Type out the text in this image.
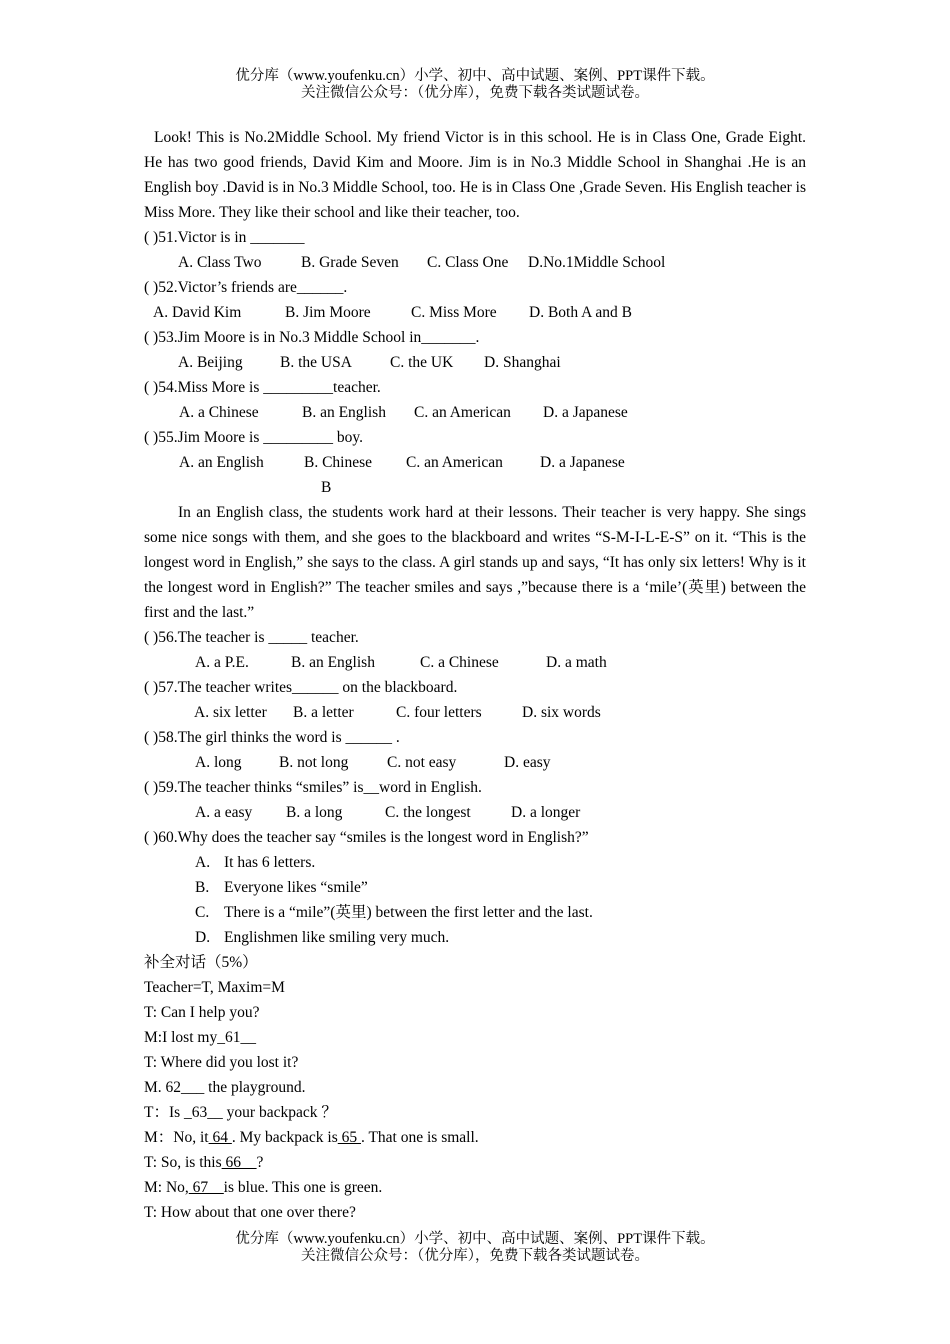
优分库（www.youfenku.cn）小学、初中、高中试题、案例、PPT课件下载。
关注微信公众号：（优分库），免费下载各类试题试卷。

Look! This is No.2Middle School. My friend Victor is in this school. He is in Class One, Grade Eight. He has two good friends, David Kim and Moore. Jim is in No.3 Middle School in Shanghai .He is an English boy .David is in No.3 Middle School, too. He is in Class One ,Grade Seven. His English teacher is Miss More. They like their school and like their teacher, too.

( )51.Victor is in _______
A. Class Two	B. Grade Seven C. Class One D.No.1Middle School
( )52.Victor’s friends are______.
A. David Kim	B. Jim Moore	C. Miss More D. Both A and B
( )53.Jim Moore is in No.3 Middle School in_______.
A. Beijing B. the USA C. the UK D. Shanghai
( )54.Miss More is _________teacher.
A. a Chinese	B. an English C. an American D. a Japanese
( )55.Jim Moore is _________ boy.
A. an English	B. Chinese C. an American D. a Japanese
B

In an English class, the students work hard at their lessons. Their teacher is very happy. She sings some nice songs with them, and she goes to the blackboard and writes “S-M-I-L-E-S” on it. “This is the longest word in English,” she says to the class. A girl stands up and says, “It has only six letters! Why is it the longest word in English?” The teacher smiles and says ,”because there is a ‘mile’(英里) between the first and the last.”

( )56.The teacher is _____ teacher.
A. a P.E.	B. an English	C. a Chinese	D. a math
( )57.The teacher writes______ on the blackboard.
A. six letter B. a letter	C. four letters	D. six words
( )58.The girl thinks the word is ______ .
A. long B. not long C. not easy	D. easy
( )59.The teacher thinks “smiles” is__word in English.
A. a easy B. a long	C. the longest	D. a longer
( )60.Why does the teacher say “smiles is the longest word in English?”
A. It has 6 letters.
B. Everyone likes “smile”
C. There is a “mile”(英里) between the first letter and the last.
D. Englishmen like smiling very much.
补全对话（5%）
Teacher=T, Maxim=M
T: Can I help you?
M:I lost my_61__
T: Where did you lost it?
M. 62___ the playground.
T：Is _63__ your backpack ？
M：No, it 64 . My backpack is 65 . That one is small.
T: So, is this 66__?
M: No, 67__is blue. This one is green.
T: How about that one over there?
优分库（www.youfenku.cn）小学、初中、高中试题、案例、PPT课件下载。
关注微信公众号：（优分库），免费下载各类试题试卷。
